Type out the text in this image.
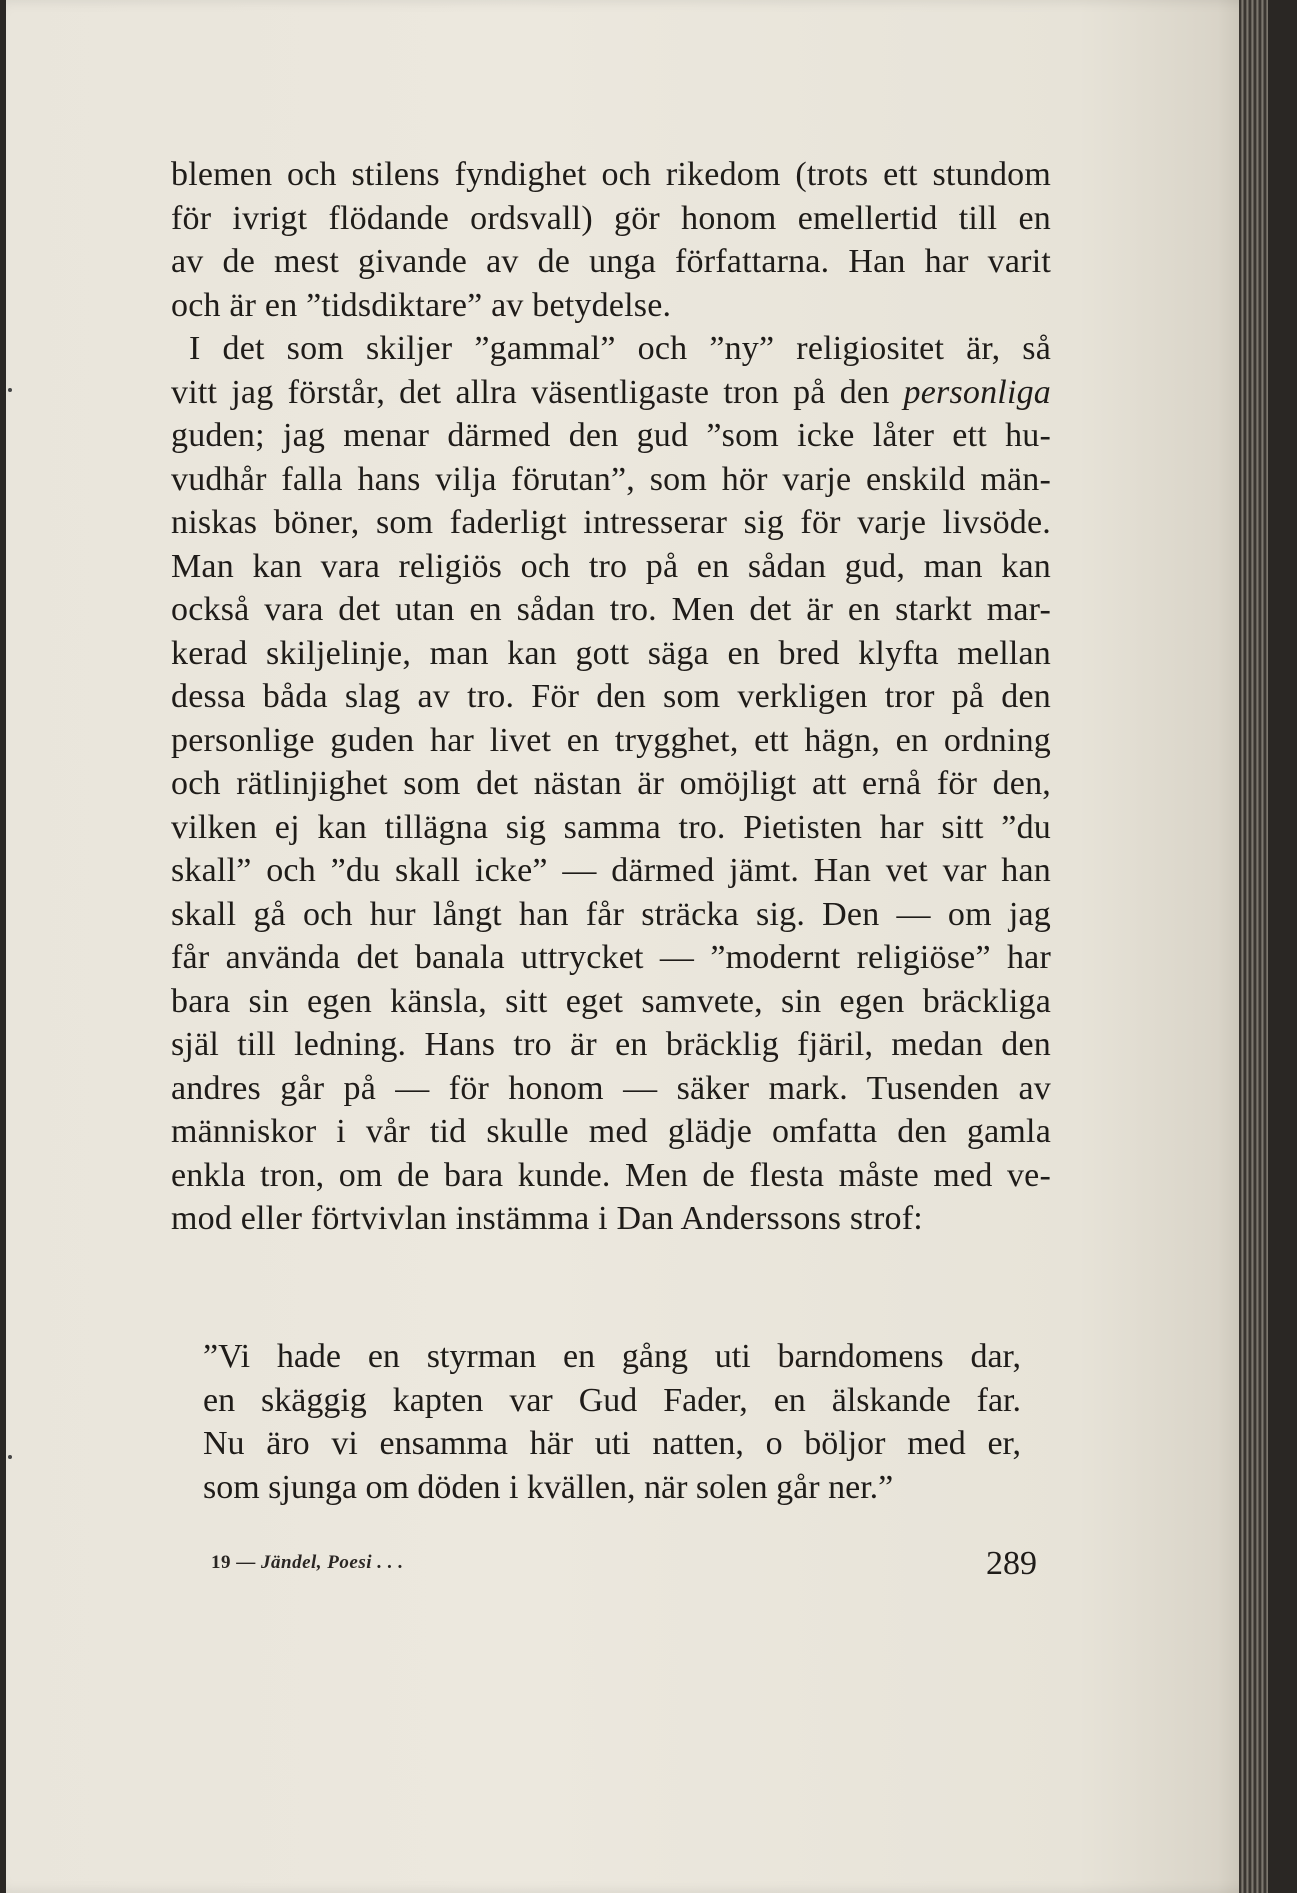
blemen och stilens fyndighet och rikedom (trots ett stundom
för ivrigt flödande ordsvall) gör honom emellertid till en
av de mest givande av de unga författarna. Han har varit
och är en ”tidsdiktare” av betydelse.
I det som skiljer ”gammal” och ”ny” religiositet är, så
vitt jag förstår, det allra väsentligaste tron på den personliga
guden; jag menar därmed den gud ”som icke låter ett hu-
vudhår falla hans vilja förutan”, som hör varje enskild män-
niskas böner, som faderligt intresserar sig för varje livsöde.
Man kan vara religiös och tro på en sådan gud, man kan
också vara det utan en sådan tro. Men det är en starkt mar-
kerad skiljelinje, man kan gott säga en bred klyfta mellan
dessa båda slag av tro. För den som verkligen tror på den
personlige guden har livet en trygghet, ett hägn, en ordning
och rätlinjighet som det nästan är omöjligt att ernå för den,
vilken ej kan tillägna sig samma tro. Pietisten har sitt ”du
skall” och ”du skall icke” — därmed jämt. Han vet var han
skall gå och hur långt han får sträcka sig. Den — om jag
får använda det banala uttrycket — ”modernt religiöse” har
bara sin egen känsla, sitt eget samvete, sin egen bräckliga
själ till ledning. Hans tro är en bräcklig fjäril, medan den
andres går på — för honom — säker mark. Tusenden av
människor i vår tid skulle med glädje omfatta den gamla
enkla tron, om de bara kunde. Men de flesta måste med ve-
mod eller förtvivlan instämma i Dan Anderssons strof:
”Vi hade en styrman en gång uti barndomens dar,
en skäggig kapten var Gud Fader, en älskande far.
Nu äro vi ensamma här uti natten, o böljor med er,
som sjunga om döden i kvällen, när solen går ner.”
19 — Jändel, Poesi . . .	289
